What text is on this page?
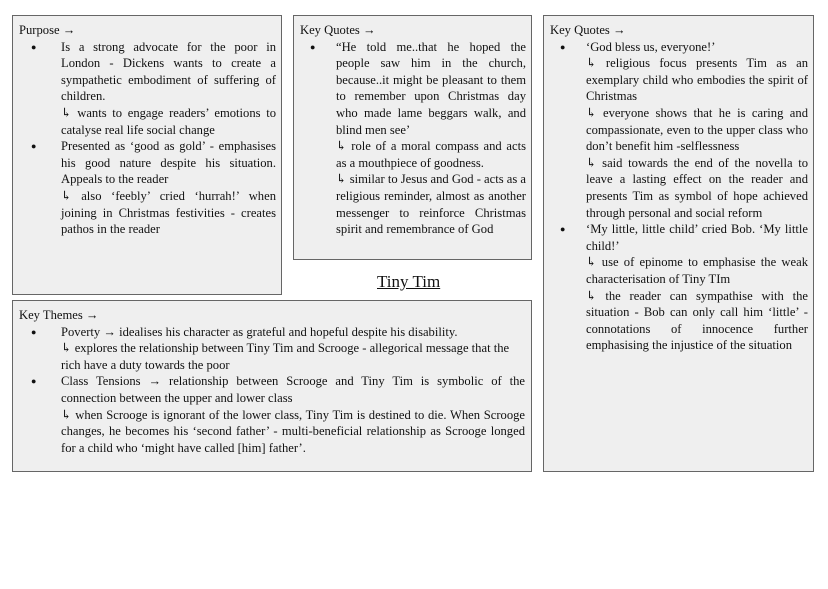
Purpose →

● Is a strong advocate for the poor in London - Dickens wants to create a sympathetic embodiment of suffering of children.

↳ wants to engage readers’ emotions to catalyse real life social change

● Presented as ‘good as gold’ - emphasises his good nature despite his situation. Appeals to the reader

↳ also ‘feebly’ cried ‘hurrah!’ when joining in Christmas festivities - creates pathos in the reader

Key Quotes →

● “He told me..that he hoped the people saw him in the church, because..it might be pleasant to them to remember upon Christmas day who made lame beggars walk, and blind men see’

↳ role of a moral compass and acts as a mouthpiece of goodness.

↳ similar to Jesus and God - acts as a religious reminder, almost as another messenger to reinforce Christmas spirit and remembrance of God

Key Quotes →

● ‘God bless us, everyone!’

↳ religious focus presents Tim as an exemplary child who embodies the spirit of Christmas

↳ everyone shows that he is caring and compassionate, even to the upper class who don’t benefit him -selflessness

↳ said towards the end of the novella to leave a lasting effect on the reader and presents Tim as symbol of hope achieved through personal and social reform

● ‘My little, little child’ cried Bob. ‘My little child!’

↳ use of epinome to emphasise the weak characterisation of Tiny TIm

↳ the reader can sympathise with the situation - Bob can only call him ‘little’ - connotations of innocence further emphasising the injustice of the situation

Tiny Tim

Key Themes →

● Poverty → idealises his character as grateful and hopeful despite his disability.

↳ explores the relationship between Tiny Tim and Scrooge - allegorical message that the rich have a duty towards the poor

● Class Tensions → relationship between Scrooge and Tiny Tim is symbolic of the connection between the upper and lower class

↳ when Scrooge is ignorant of the lower class, Tiny Tim is destined to die. When Scrooge changes, he becomes his ‘second father’ - multi-beneficial relationship as Scrooge longed for a child who ‘might have called [him] father’.
